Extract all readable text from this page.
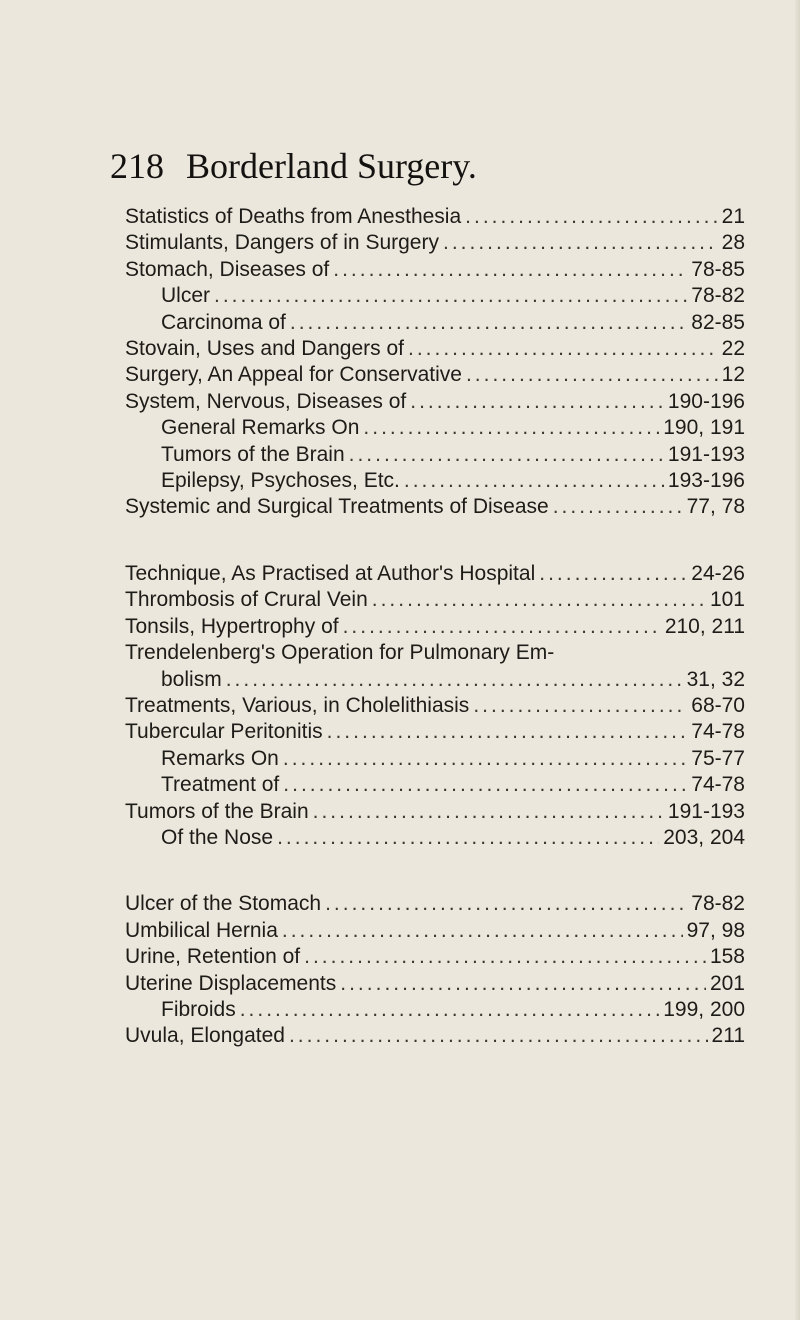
218 Borderland Surgery.
Statistics of Deaths from Anesthesia .....	21
Stimulants, Dangers of in Surgery .....	28
Stomach, Diseases of .....	78-85
Ulcer .....	78-82
Carcinoma of .....	82-85
Stovain, Uses and Dangers of .....	22
Surgery, An Appeal for Conservative .....	12
System, Nervous, Diseases of .....	190-196
General Remarks On .....	190, 191
Tumors of the Brain .....	191-193
Epilepsy, Psychoses, Etc. .....	193-196
Systemic and Surgical Treatments of Disease .....	77, 78
Technique, As Practised at Author's Hospital .....	24-26
Thrombosis of Crural Vein .....	101
Tonsils, Hypertrophy of .....	210, 211
Trendelenberg's Operation for Pulmonary Em-
bolism .....	31, 32
Treatments, Various, in Cholelithiasis .....	68-70
Tubercular Peritonitis .....	74-78
Remarks On .....	75-77
Treatment of .....	74-78
Tumors of the Brain .....	191-193
Of the Nose .....	203, 204
Ulcer of the Stomach .....	78-82
Umbilical Hernia .....	97, 98
Urine, Retention of .....	158
Uterine Displacements .....	201
Fibroids .....	199, 200
Uvula, Elongated .....	211
